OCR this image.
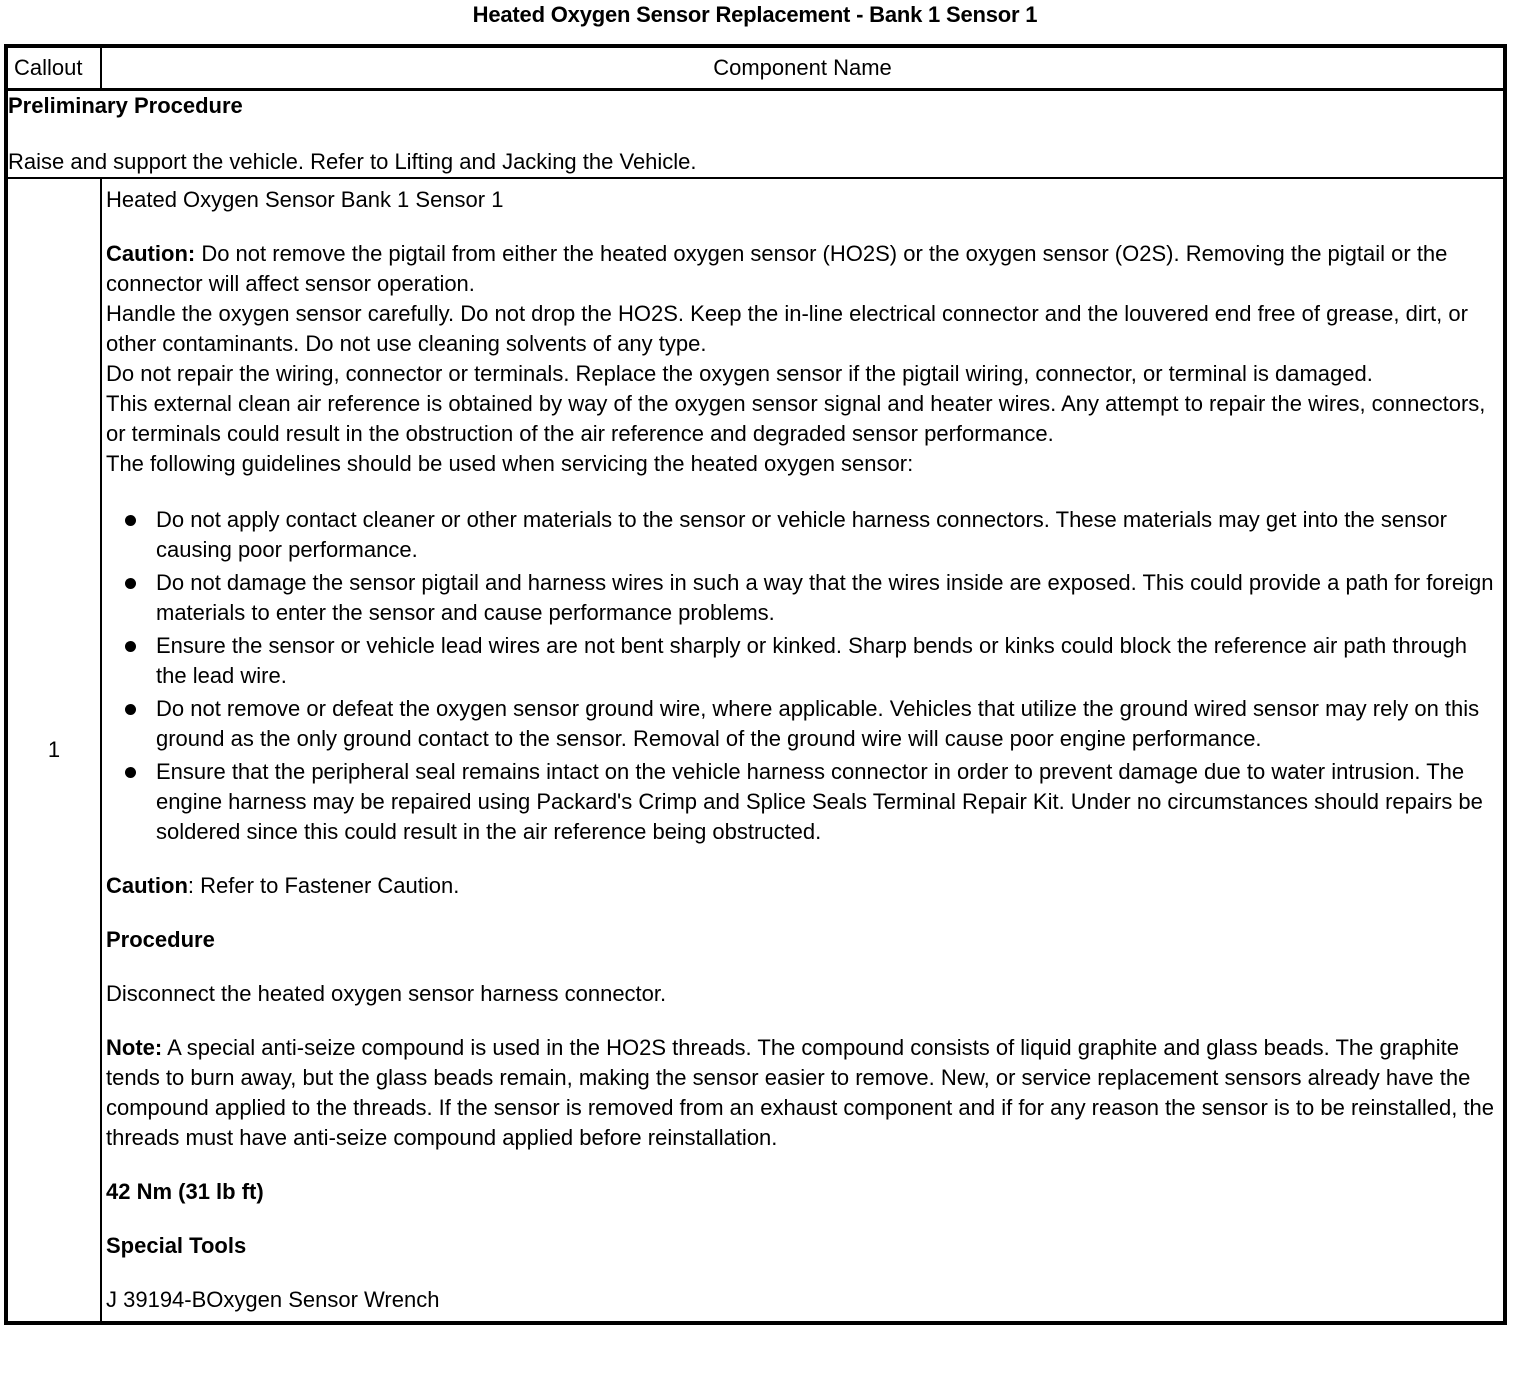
Heated Oxygen Sensor Replacement - Bank 1 Sensor 1
Callout	Component Name

Preliminary Procedure
Raise and support the vehicle. Refer to Lifting and Jacking the Vehicle.	

1	

Heated Oxygen Sensor Bank 1 Sensor 1

Caution: Do not remove the pigtail from either the heated oxygen sensor (HO2S) or the oxygen sensor (O2S). Removing the pigtail or the connector will affect sensor operation.

Handle the oxygen sensor carefully. Do not drop the HO2S. Keep the in-line electrical connector and the louvered end free of grease, dirt, or other contaminants. Do not use cleaning solvents of any type.

Do not repair the wiring, connector or terminals. Replace the oxygen sensor if the pigtail wiring, connector, or terminal is damaged.

This external clean air reference is obtained by way of the oxygen sensor signal and heater wires. Any attempt to repair the wires, connectors, or terminals could result in the obstruction of the air reference and degraded sensor performance.

The following guidelines should be used when servicing the heated oxygen sensor:

Do not apply contact cleaner or other materials to the sensor or vehicle harness connectors. These materials may get into the sensor causing poor performance.
Do not damage the sensor pigtail and harness wires in such a way that the wires inside are exposed. This could provide a path for foreign materials to enter the sensor and cause performance problems.
Ensure the sensor or vehicle lead wires are not bent sharply or kinked. Sharp bends or kinks could block the reference air path through the lead wire.
Do not remove or defeat the oxygen sensor ground wire, where applicable. Vehicles that utilize the ground wired sensor may rely on this ground as the only ground contact to the sensor. Removal of the ground wire will cause poor engine performance.
Ensure that the peripheral seal remains intact on the vehicle harness connector in order to prevent damage due to water intrusion. The engine harness may be repaired using Packard's Crimp and Splice Seals Terminal Repair Kit. Under no circumstances should repairs be soldered since this could result in the air reference being obstructed.

Caution: Refer to Fastener Caution.

Procedure

Disconnect the heated oxygen sensor harness connector.

Note: A special anti-seize compound is used in the HO2S threads. The compound consists of liquid graphite and glass beads. The graphite tends to burn away, but the glass beads remain, making the sensor easier to remove. New, or service replacement sensors already have the compound applied to the threads. If the sensor is removed from an exhaust component and if for any reason the sensor is to be reinstalled, the threads must have anti-seize compound applied before reinstallation.

42 Nm (31 lb ft)

Special Tools

J 39194-BOxygen Sensor Wrench
